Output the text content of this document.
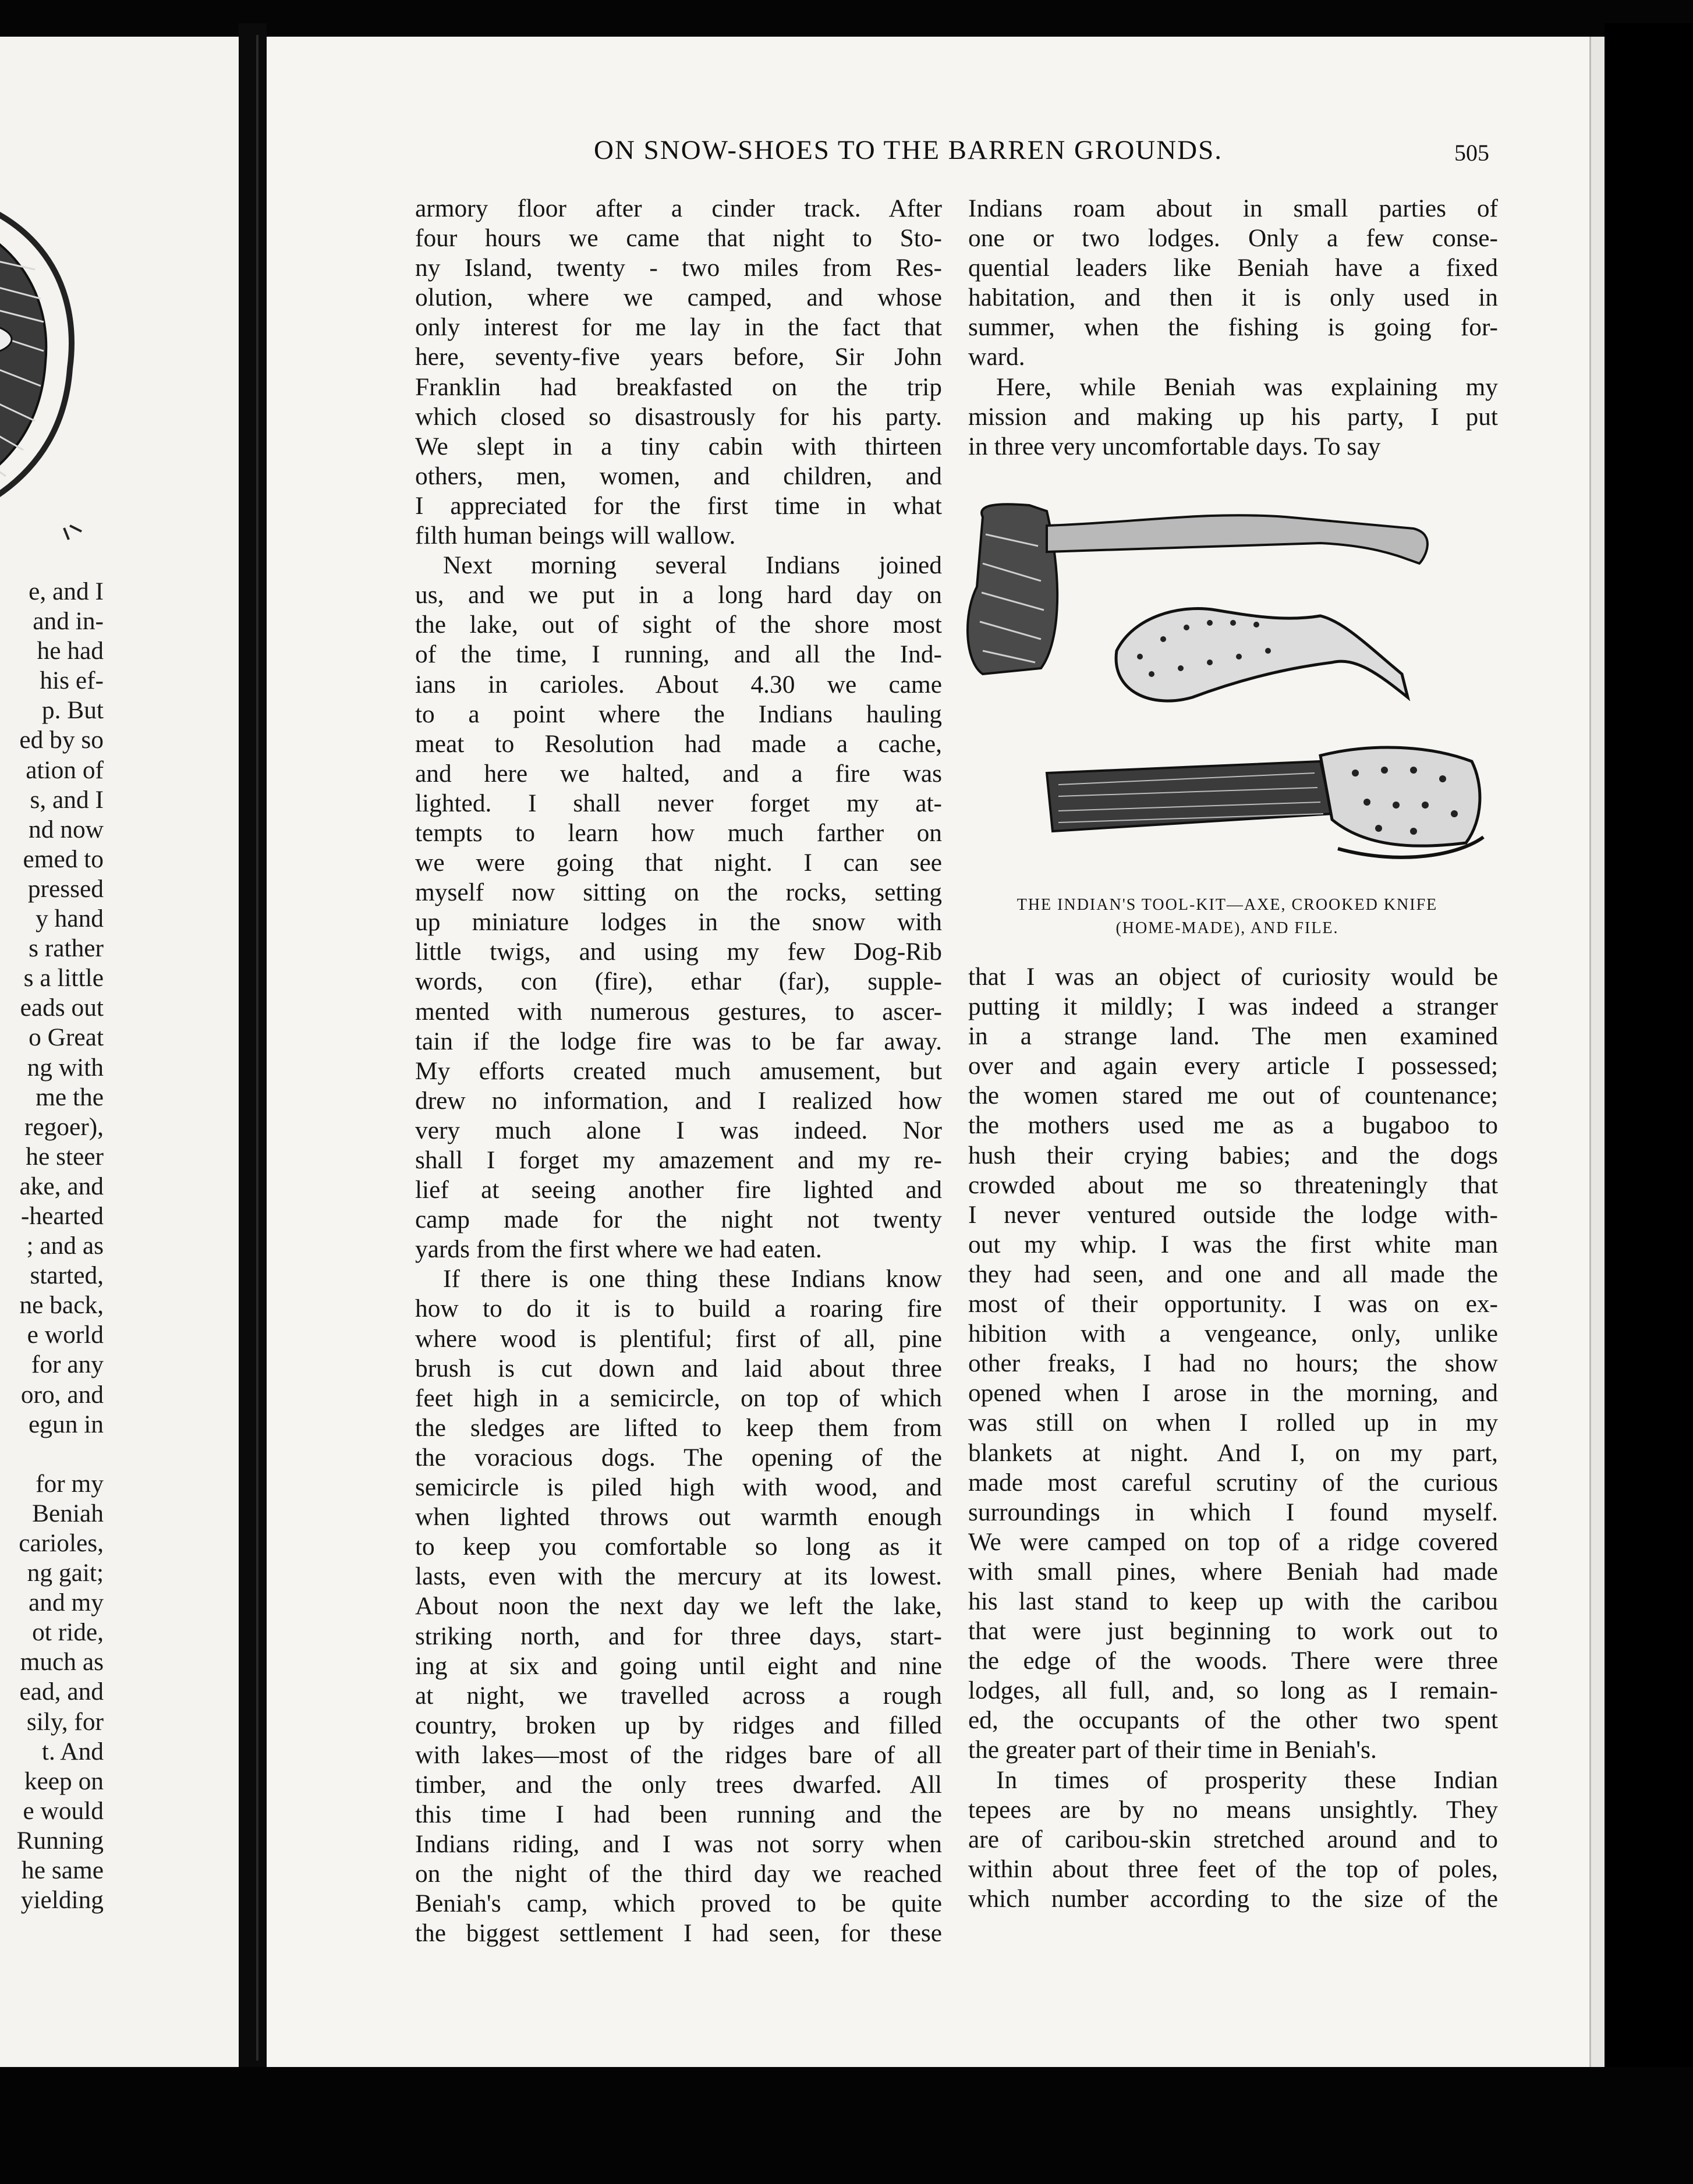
e, and I
and in-
he had
his ef-
p. But
ed by so
ation of
s, and I
nd now
emed to
pressed
y hand
s rather
s a little
eads out
o Great
ng with
me the
regoer),
he steer
ake, and
-hearted
; and as
started,
ne back,
e world
for any
oro, and
egun in

for my
Beniah
carioles,
ng gait;
and my
ot ride,
much as
ead, and
sily, for
t. And
keep on
e would
Running
he same
yielding
ON SNOW-SHOES TO THE BARREN GROUNDS.	505

armory floor after a cinder track. After

four hours we came that night to Sto-

ny Island, twenty - two miles from Res-

olution, where we camped, and whose

only interest for me lay in the fact that

here, seventy-five years before, Sir John

Franklin had breakfasted on the trip

which closed so disastrously for his party.

We slept in a tiny cabin with thirteen

others, men, women, and children, and

I appreciated for the first time in what

filth human beings will wallow.

Next morning several Indians joined

us, and we put in a long hard day on

the lake, out of sight of the shore most

of the time, I running, and all the Ind-

ians in carioles. About 4.30 we came

to a point where the Indians hauling

meat to Resolution had made a cache,

and here we halted, and a fire was

lighted. I shall never forget my at-

tempts to learn how much farther on

we were going that night. I can see

myself now sitting on the rocks, setting

up miniature lodges in the snow with

little twigs, and using my few Dog-Rib

words, con (fire), ethar (far), supple-

mented with numerous gestures, to ascer-

tain if the lodge fire was to be far away.

My efforts created much amusement, but

drew no information, and I realized how

very much alone I was indeed. Nor

shall I forget my amazement and my re-

lief at seeing another fire lighted and

camp made for the night not twenty

yards from the first where we had eaten.

If there is one thing these Indians know

how to do it is to build a roaring fire

where wood is plentiful; first of all, pine

brush is cut down and laid about three

feet high in a semicircle, on top of which

the sledges are lifted to keep them from

the voracious dogs. The opening of the

semicircle is piled high with wood, and

when lighted throws out warmth enough

to keep you comfortable so long as it

lasts, even with the mercury at its lowest.

About noon the next day we left the lake,

striking north, and for three days, start-

ing at six and going until eight and nine

at night, we travelled across a rough

country, broken up by ridges and filled

with lakes—most of the ridges bare of all

timber, and the only trees dwarfed. All

this time I had been running and the

Indians riding, and I was not sorry when

on the night of the third day we reached

Beniah's camp, which proved to be quite

the biggest settlement I had seen, for these

Indians roam about in small parties of

one or two lodges. Only a few conse-

quential leaders like Beniah have a fixed

habitation, and then it is only used in

summer, when the fishing is going for-

ward.

Here, while Beniah was explaining my

mission and making up his party, I put

in three very uncomfortable days. To say

THE INDIAN'S TOOL-KIT—AXE, CROOKED KNIFE
(HOME-MADE), AND FILE.

that I was an object of curiosity would be

putting it mildly; I was indeed a stranger

in a strange land. The men examined

over and again every article I possessed;

the women stared me out of countenance;

the mothers used me as a bugaboo to

hush their crying babies; and the dogs

crowded about me so threateningly that

I never ventured outside the lodge with-

out my whip. I was the first white man

they had seen, and one and all made the

most of their opportunity. I was on ex-

hibition with a vengeance, only, unlike

other freaks, I had no hours; the show

opened when I arose in the morning, and

was still on when I rolled up in my

blankets at night. And I, on my part,

made most careful scrutiny of the curious

surroundings in which I found myself.

We were camped on top of a ridge covered

with small pines, where Beniah had made

his last stand to keep up with the caribou

that were just beginning to work out to

the edge of the woods. There were three

lodges, all full, and, so long as I remain-

ed, the occupants of the other two spent

the greater part of their time in Beniah's.

In times of prosperity these Indian

tepees are by no means unsightly. They

are of caribou-skin stretched around and to

within about three feet of the top of poles,

which number according to the size of the
